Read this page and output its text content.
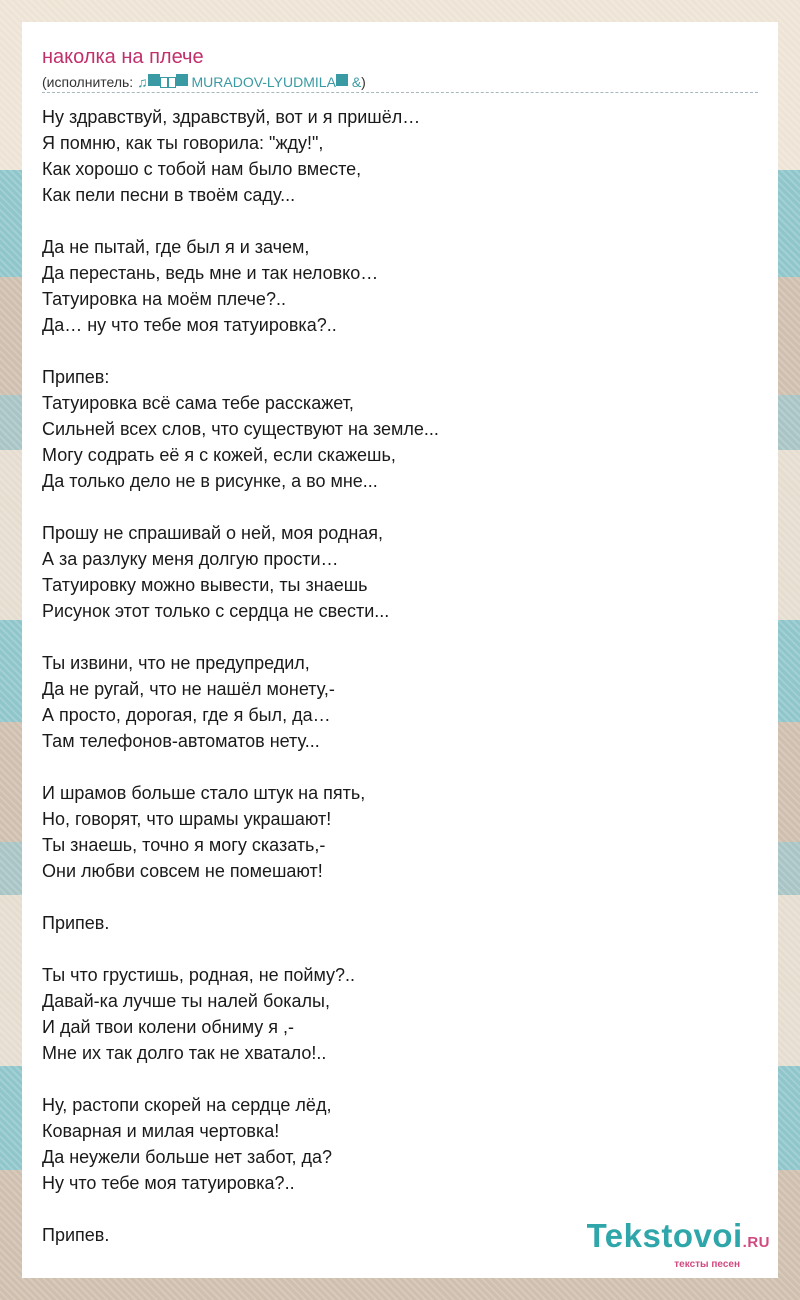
наколка на плече
(исполнитель: ♫	MURADOV-LYUDMILA &)
Ну здравствуй, здравствуй, вот и я пришёл…
Я помню, как ты говорила: "жду!",
Как хорошо с тобой нам было вместе,
Как пели песни в твоём саду...
Да не пытай, где был я и зачем,
Да перестань, ведь мне и так неловко…
Татуировка на моём плече?..
Да… ну что тебе моя татуировка?..
Припев:
Татуировка всё сама тебе расскажет,
Сильней всех слов, что существуют на земле...
Могу содрать её я с кожей, если скажешь,
Да только дело не в рисунке, а во мне...
Прошу не спрашивай о ней, моя родная,
А за разлуку меня долгую прости…
Татуировку можно вывести, ты знаешь
Рисунок этот только с сердца не свести...
Ты извини, что не предупредил,
Да не ругай, что не нашёл монету,-
А просто, дорогая, где я был, да…
Там телефонов-автоматов нету...
И шрамов больше стало штук на пять,
Но, говорят, что шрамы украшают!
Ты знаешь, точно я могу сказать,-
Они любви совсем не помешают!
Припев.
Ты что грустишь, родная, не пойму?..
Давай-ка лучше ты налей бокалы,
И дай твои колени обниму я ,-
Мне их так долго так не хватало!..
Ну, растопи скорей на сердце лёд,
Коварная и милая чертовка!
Да неужели больше нет забот, да?
Ну что тебе моя татуировка?..
Припев.	Tekstovoi.RU
тексты песен
